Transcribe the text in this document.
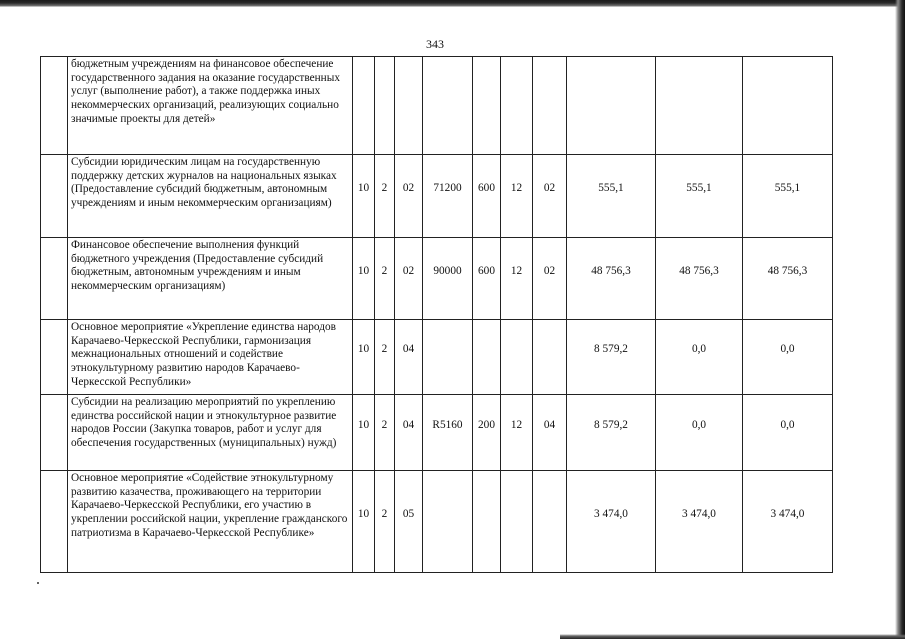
343
	бюджетным учреждениям на финансовое обеспечение государственного задания на оказание государственных услуг (выполнение работ), а также поддержка иных некоммерческих организаций, реализующих социально значимые проекты для детей»										
	Субсидии юридическим лицам на государственную поддержку детских журналов на национальных языках (Предоставление субсидий бюджетным, автономным учреждениям и иным некоммерческим организациям)	10	2	02	71200	600	12	02	555,1	555,1	555,1
	Финансовое обеспечение выполнения функций бюджетного учреждения (Предоставление субсидий бюджетным, автономным учреждениям и иным некоммерческим организациям)	10	2	02	90000	600	12	02	48 756,3	48 756,3	48 756,3
	Основное мероприятие «Укрепление единства народов Карачаево-Черкесской Республики, гармонизация межнациональных отношений и содействие этнокультурному развитию народов Карачаево-Черкесской Республики»	10	2	04					8 579,2	0,0	0,0
	Субсидии на реализацию мероприятий по укреплению единства российской нации и этнокультурное развитие народов России (Закупка товаров, работ и услуг для обеспечения государственных (муниципальных) нужд)	10	2	04	R5160	200	12	04	8 579,2	0,0	0,0
	Основное мероприятие «Содействие этнокультурному развитию казачества, проживающего на территории Карачаево-Черкесской Республики, его участию в укреплении российской нации, укрепление гражданского патриотизма в Карачаево-Черкесской Республике»	10	2	05					3 474,0	3 474,0	3 474,0
